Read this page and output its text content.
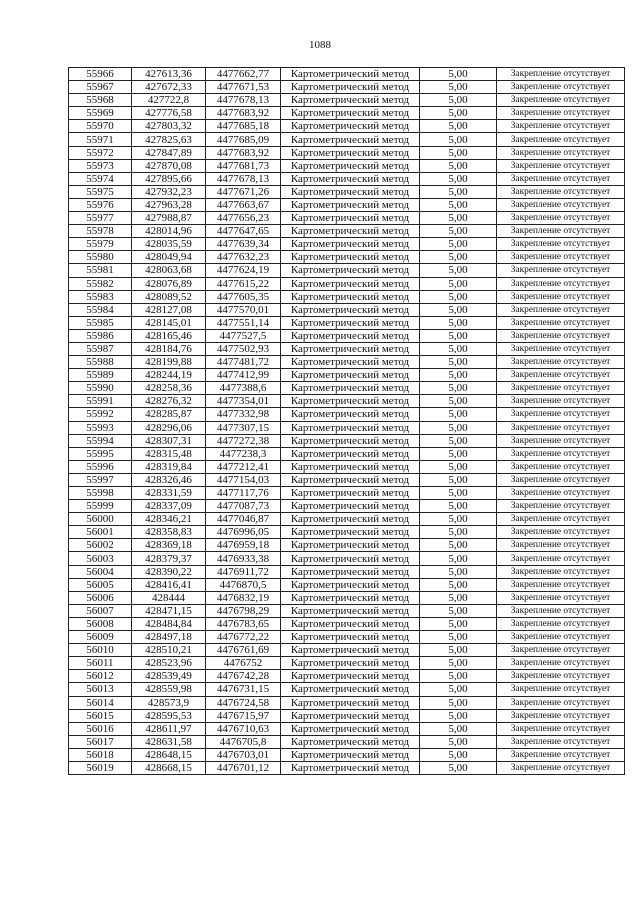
1088
55966	427613,36	4477662,77	Картометрический метод	5,00	Закрепление отсутствует
55967	427672,33	4477671,53	Картометрический метод	5,00	Закрепление отсутствует
55968	427722,8	4477678,13	Картометрический метод	5,00	Закрепление отсутствует
55969	427776,58	4477683,92	Картометрический метод	5,00	Закрепление отсутствует
55970	427803,32	4477685,18	Картометрический метод	5,00	Закрепление отсутствует
55971	427825,63	4477685,09	Картометрический метод	5,00	Закрепление отсутствует
55972	427847,89	4477683,92	Картометрический метод	5,00	Закрепление отсутствует
55973	427870,08	4477681,73	Картометрический метод	5,00	Закрепление отсутствует
55974	427895,66	4477678,13	Картометрический метод	5,00	Закрепление отсутствует
55975	427932,23	4477671,26	Картометрический метод	5,00	Закрепление отсутствует
55976	427963,28	4477663,67	Картометрический метод	5,00	Закрепление отсутствует
55977	427988,87	4477656,23	Картометрический метод	5,00	Закрепление отсутствует
55978	428014,96	4477647,65	Картометрический метод	5,00	Закрепление отсутствует
55979	428035,59	4477639,34	Картометрический метод	5,00	Закрепление отсутствует
55980	428049,94	4477632,23	Картометрический метод	5,00	Закрепление отсутствует
55981	428063,68	4477624,19	Картометрический метод	5,00	Закрепление отсутствует
55982	428076,89	4477615,22	Картометрический метод	5,00	Закрепление отсутствует
55983	428089,52	4477605,35	Картометрический метод	5,00	Закрепление отсутствует
55984	428127,08	4477570,01	Картометрический метод	5,00	Закрепление отсутствует
55985	428145,01	4477551,14	Картометрический метод	5,00	Закрепление отсутствует
55986	428165,46	4477527,5	Картометрический метод	5,00	Закрепление отсутствует
55987	428184,76	4477502,93	Картометрический метод	5,00	Закрепление отсутствует
55988	428199,88	4477481,72	Картометрический метод	5,00	Закрепление отсутствует
55989	428244,19	4477412,99	Картометрический метод	5,00	Закрепление отсутствует
55990	428258,36	4477388,6	Картометрический метод	5,00	Закрепление отсутствует
55991	428276,32	4477354,01	Картометрический метод	5,00	Закрепление отсутствует
55992	428285,87	4477332,98	Картометрический метод	5,00	Закрепление отсутствует
55993	428296,06	4477307,15	Картометрический метод	5,00	Закрепление отсутствует
55994	428307,31	4477272,38	Картометрический метод	5,00	Закрепление отсутствует
55995	428315,48	4477238,3	Картометрический метод	5,00	Закрепление отсутствует
55996	428319,84	4477212,41	Картометрический метод	5,00	Закрепление отсутствует
55997	428326,46	4477154,03	Картометрический метод	5,00	Закрепление отсутствует
55998	428331,59	4477117,76	Картометрический метод	5,00	Закрепление отсутствует
55999	428337,09	4477087,73	Картометрический метод	5,00	Закрепление отсутствует
56000	428346,21	4477046,87	Картометрический метод	5,00	Закрепление отсутствует
56001	428358,83	4476996,05	Картометрический метод	5,00	Закрепление отсутствует
56002	428369,18	4476959,18	Картометрический метод	5,00	Закрепление отсутствует
56003	428379,37	4476933,38	Картометрический метод	5,00	Закрепление отсутствует
56004	428390,22	4476911,72	Картометрический метод	5,00	Закрепление отсутствует
56005	428416,41	4476870,5	Картометрический метод	5,00	Закрепление отсутствует
56006	428444	4476832,19	Картометрический метод	5,00	Закрепление отсутствует
56007	428471,15	4476798,29	Картометрический метод	5,00	Закрепление отсутствует
56008	428484,84	4476783,65	Картометрический метод	5,00	Закрепление отсутствует
56009	428497,18	4476772,22	Картометрический метод	5,00	Закрепление отсутствует
56010	428510,21	4476761,69	Картометрический метод	5,00	Закрепление отсутствует
56011	428523,96	4476752	Картометрический метод	5,00	Закрепление отсутствует
56012	428539,49	4476742,28	Картометрический метод	5,00	Закрепление отсутствует
56013	428559,98	4476731,15	Картометрический метод	5,00	Закрепление отсутствует
56014	428573,9	4476724,58	Картометрический метод	5,00	Закрепление отсутствует
56015	428595,53	4476715,97	Картометрический метод	5,00	Закрепление отсутствует
56016	428611,97	4476710,63	Картометрический метод	5,00	Закрепление отсутствует
56017	428631,58	4476705,8	Картометрический метод	5,00	Закрепление отсутствует
56018	428648,15	4476703,01	Картометрический метод	5,00	Закрепление отсутствует
56019	428668,15	4476701,12	Картометрический метод	5,00	Закрепление отсутствует
